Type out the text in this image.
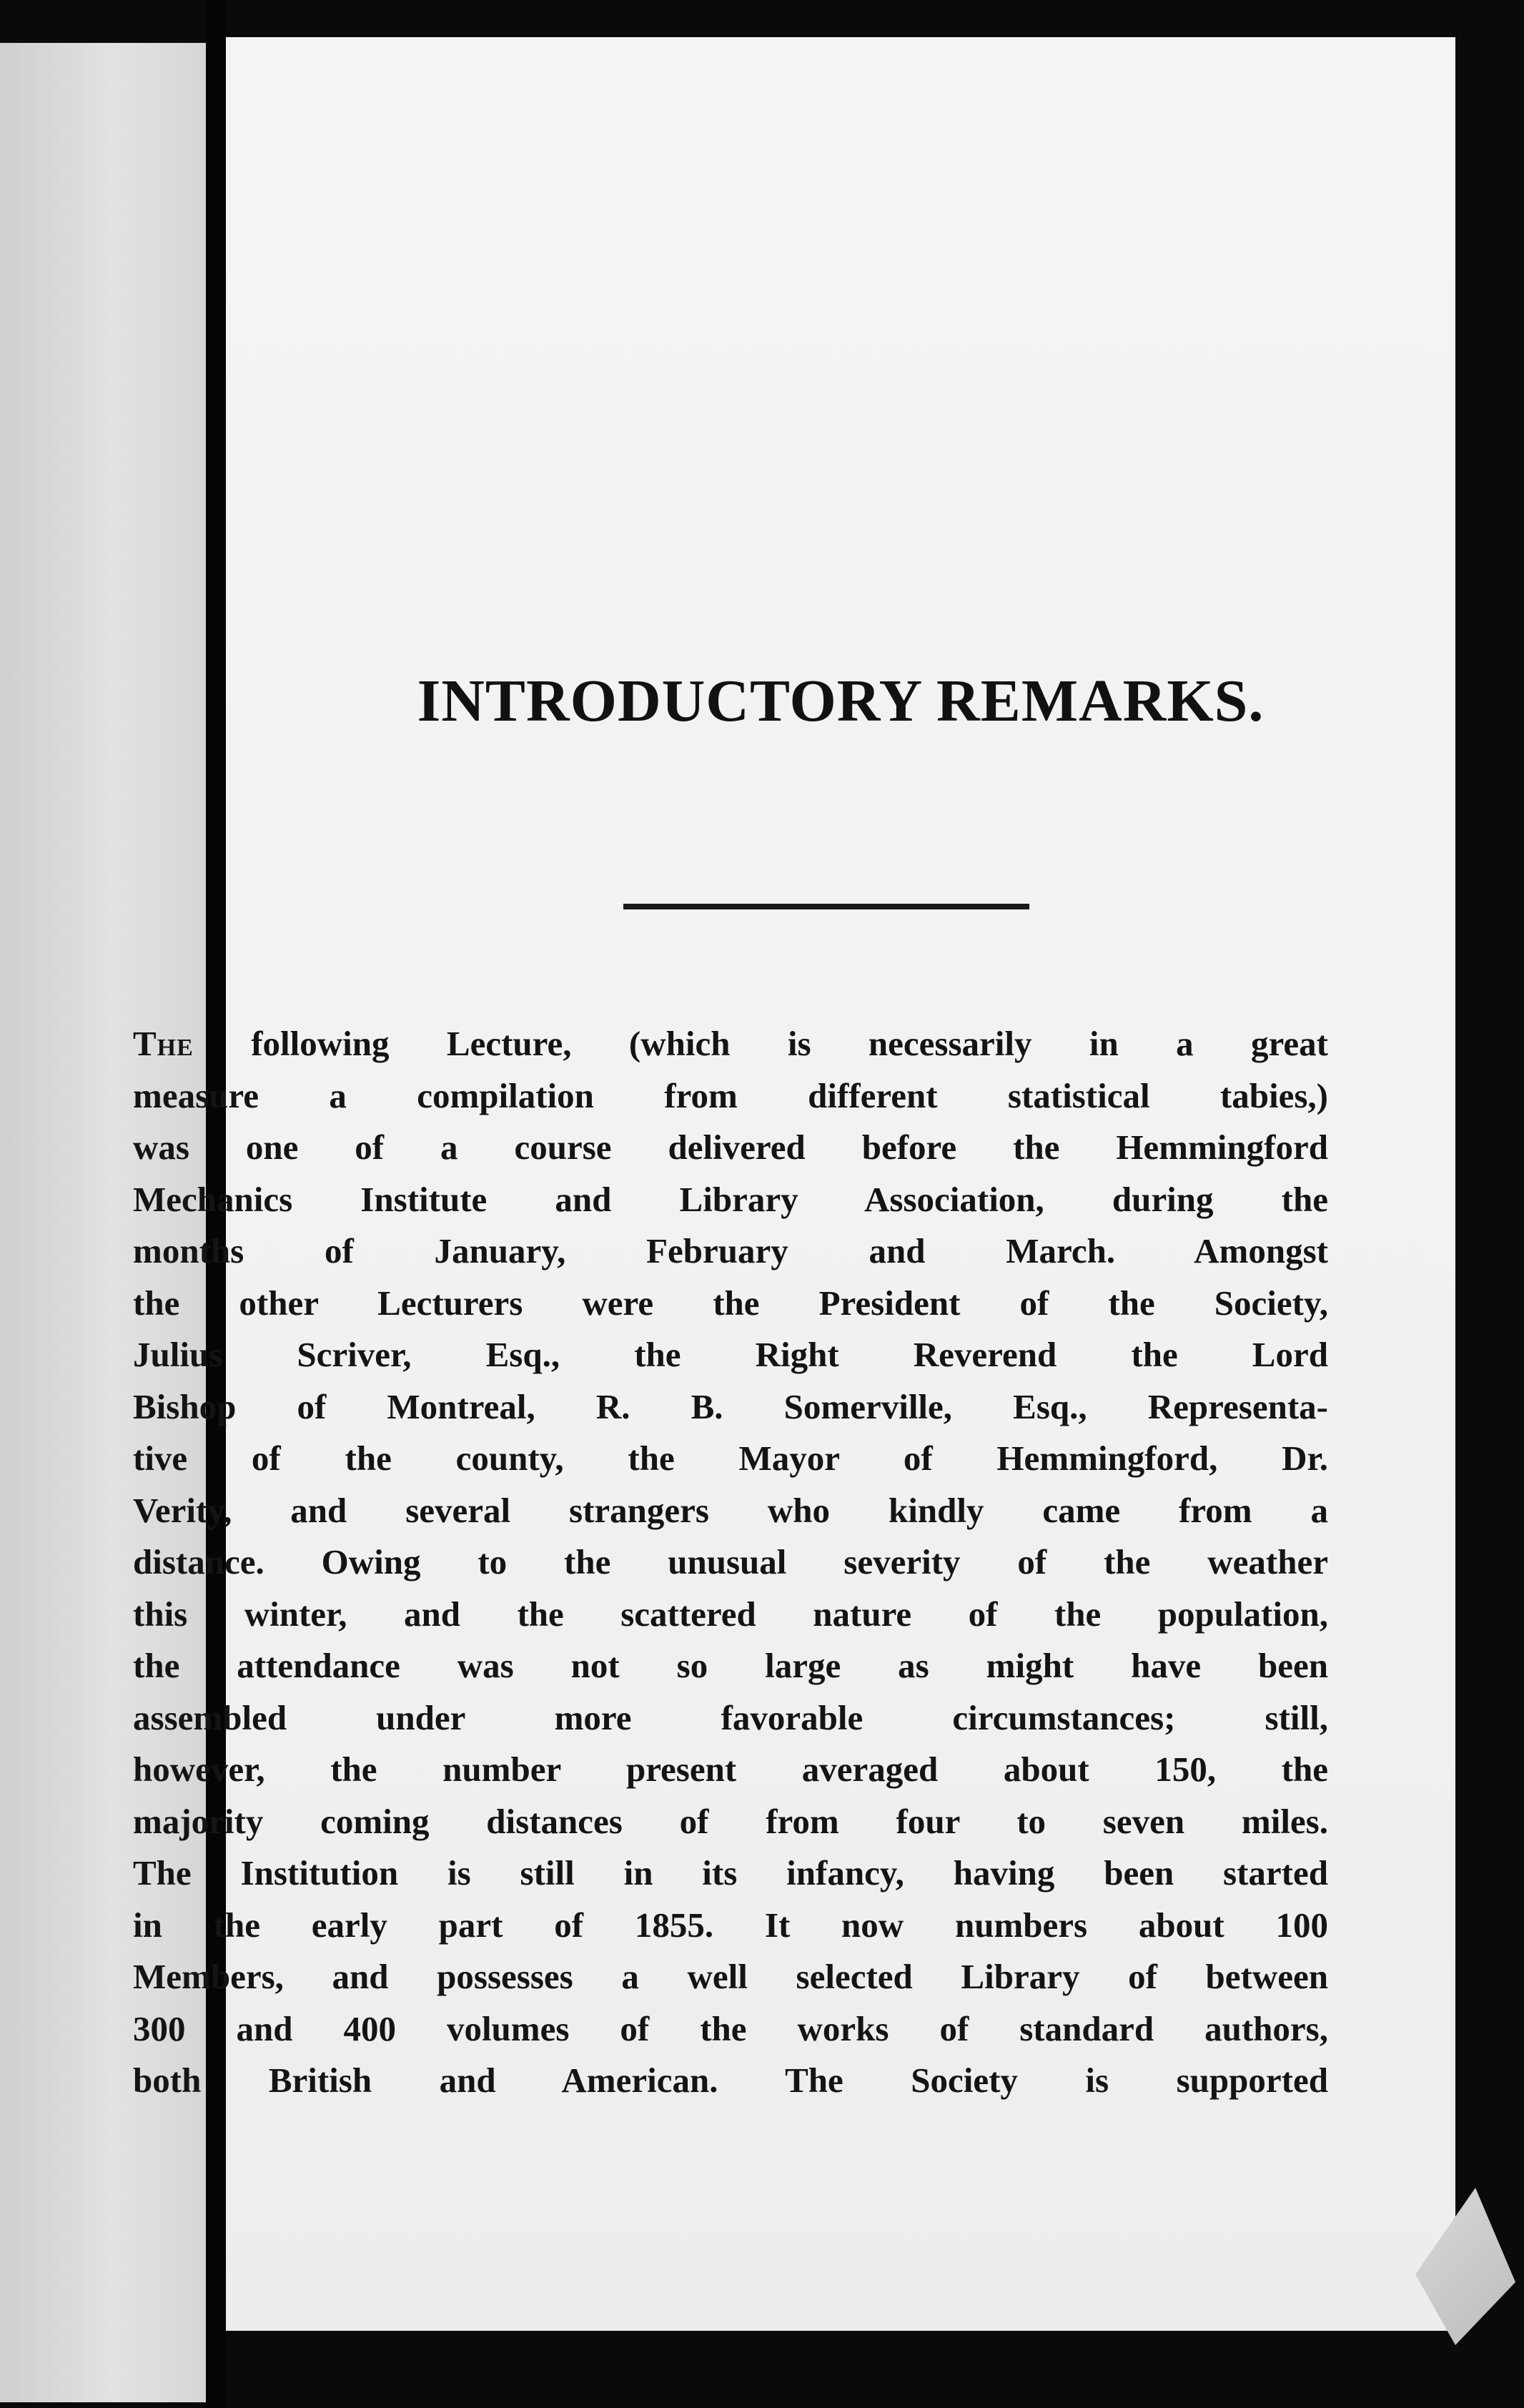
INTRODUCTORY REMARKS.
The following Lecture, (which is necessarily in a great
measure a compilation from different statistical tabies,)
was one of a course delivered before the Hemmingford
Mechanics Institute and Library Association, during the
months of January, February and March. Amongst
the other Lecturers were the President of the Society,
Julius Scriver, Esq., the Right Reverend the Lord
Bishop of Montreal, R. B. Somerville, Esq., Representa-
tive of the county, the Mayor of Hemmingford, Dr.
Verity, and several strangers who kindly came from a
distance. Owing to the unusual severity of the weather
this winter, and the scattered nature of the population,
the attendance was not so large as might have been
assembled under more favorable circumstances; still,
however, the number present averaged about 150, the
majority coming distances of from four to seven miles.
The Institution is still in its infancy, having been started
in the early part of 1855. It now numbers about 100
Members, and possesses a well selected Library of between
300 and 400 volumes of the works of standard authors,
both British and American. The Society is supported
